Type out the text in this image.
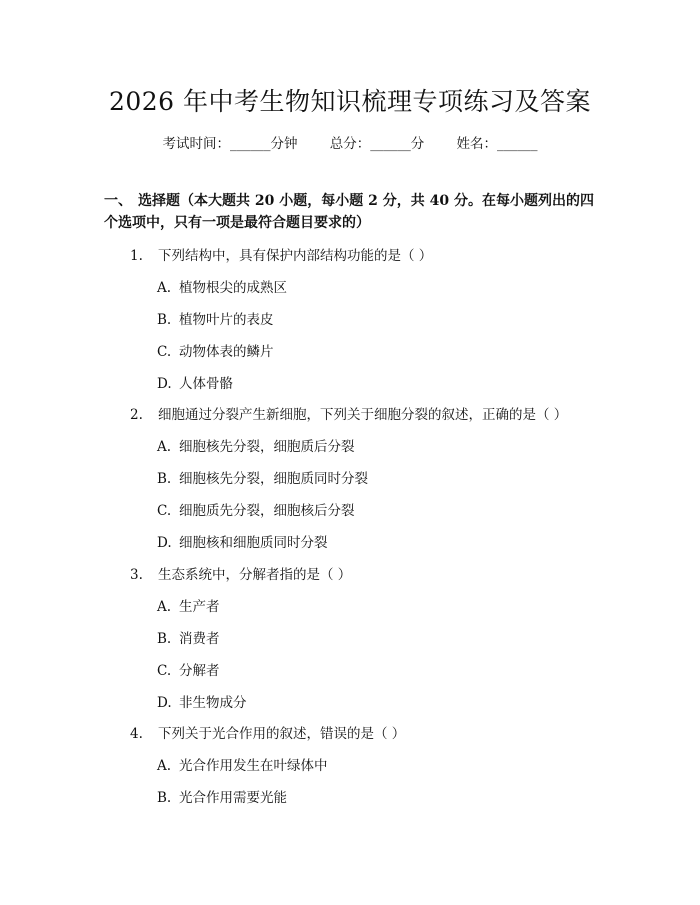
2026 年中考生物知识梳理专项练习及答案
考试时间：______分钟 总分：______分 姓名：______
一、 选择题（本大题共 20 小题，每小题 2 分，共 40 分。在每小题列出的四个选项中，只有一项是最符合题目要求的）
1. 下列结构中，具有保护内部结构功能的是（ ）
A. 植物根尖的成熟区
B. 植物叶片的表皮
C. 动物体表的鳞片
D. 人体骨骼
2. 细胞通过分裂产生新细胞，下列关于细胞分裂的叙述，正确的是（ ）
A. 细胞核先分裂，细胞质后分裂
B. 细胞核先分裂，细胞质同时分裂
C. 细胞质先分裂，细胞核后分裂
D. 细胞核和细胞质同时分裂
3. 生态系统中，分解者指的是（ ）
A. 生产者
B. 消费者
C. 分解者
D. 非生物成分
4. 下列关于光合作用的叙述，错误的是（ ）
A. 光合作用发生在叶绿体中
B. 光合作用需要光能
